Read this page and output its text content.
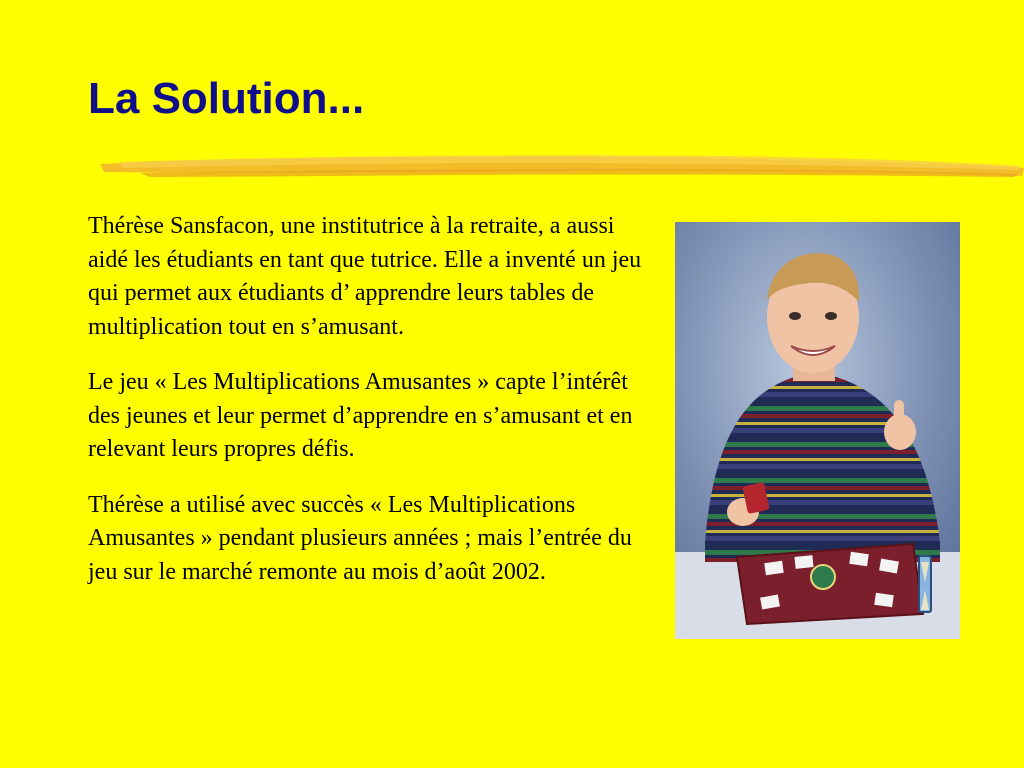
La Solution...

Thérèse Sansfacon, une institutrice à la retraite, a aussi aidé les étudiants en tant que tutrice. Elle a inventé un jeu qui permet aux étudiants d’ apprendre leurs tables de multiplication tout en s’amusant.

Le jeu « Les Multiplications Amusantes » capte l’intérêt des jeunes et leur permet d’apprendre en s’amusant et en relevant leurs propres défis.

Thérèse a utilisé avec succès « Les Multiplications Amusantes » pendant plusieurs années ; mais l’entrée du jeu sur le marché remonte au mois d’août 2002.
